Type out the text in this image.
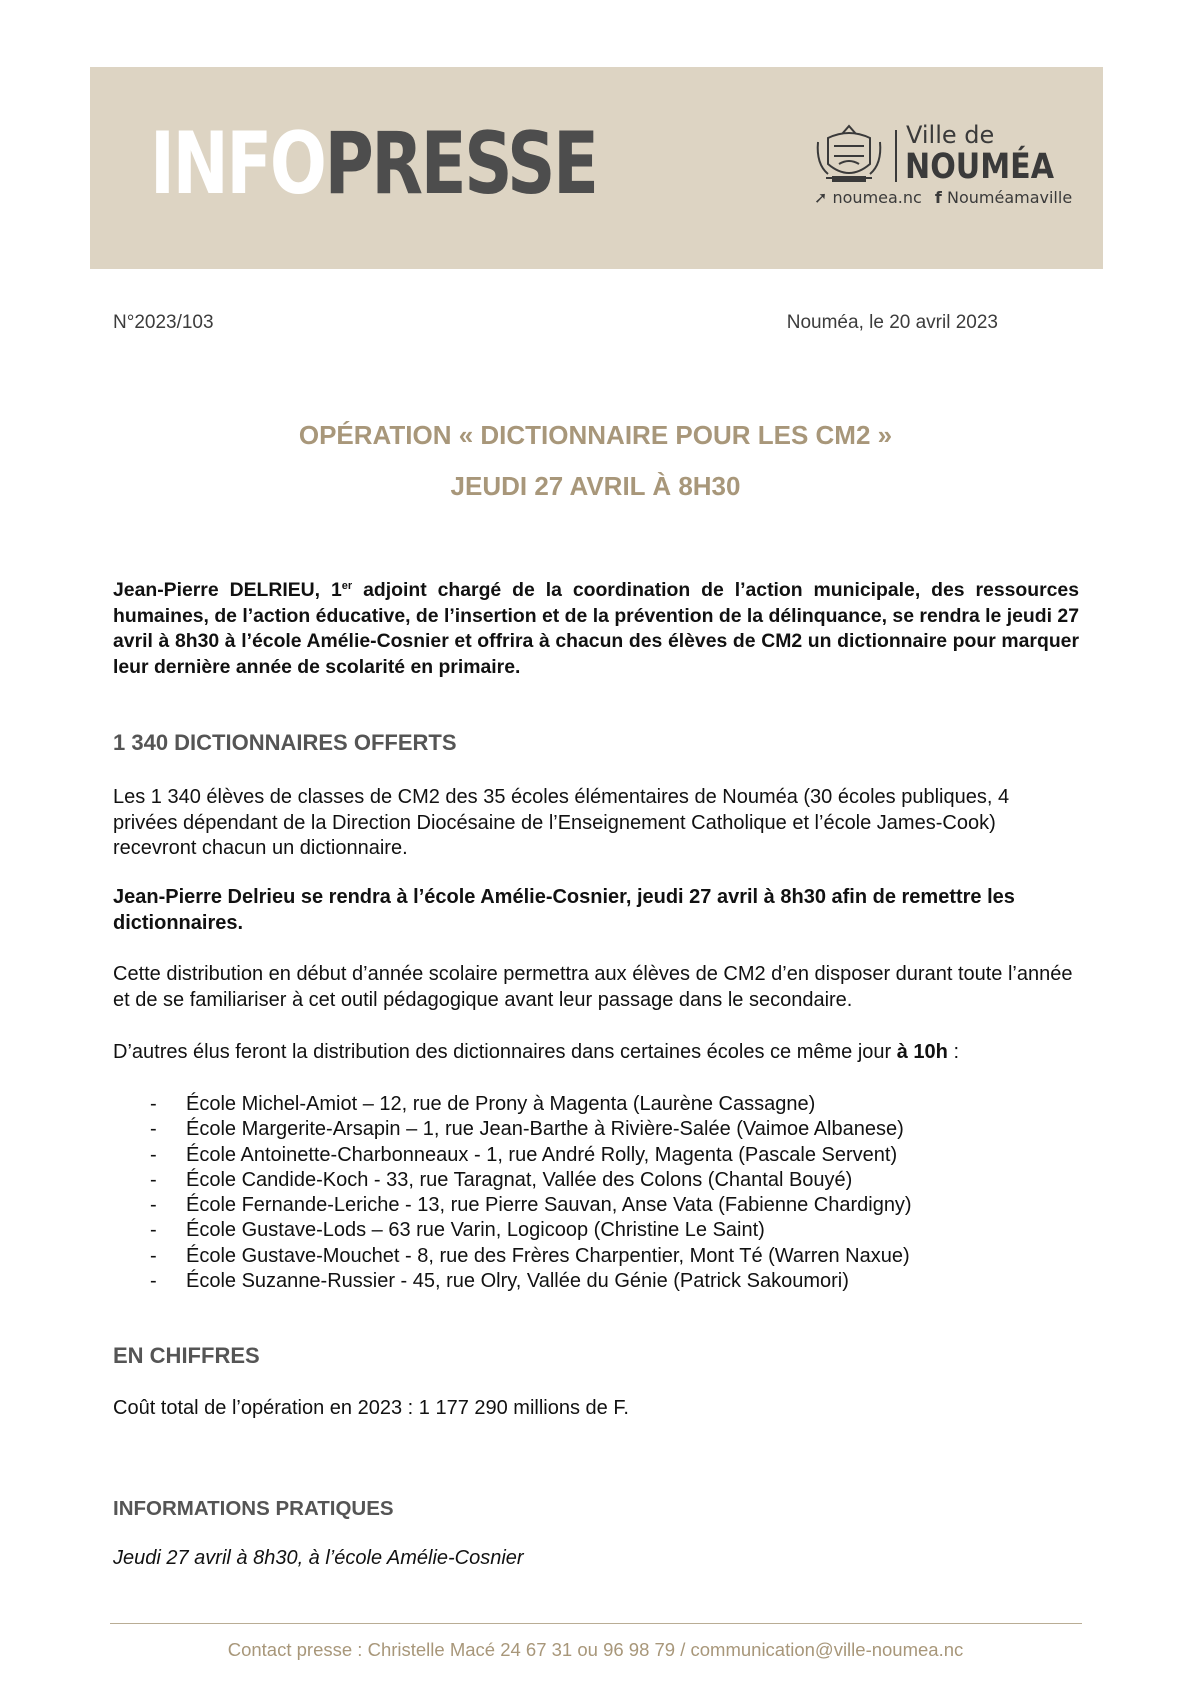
INFOPRESSE	Ville de
NOUMÉA
➚ noumea.nc f Nouméamaville
N°2023/103	Nouméa, le 20 avril 2023
OPÉRATION « DICTIONNAIRE POUR LES CM2 »
JEUDI 27 AVRIL À 8H30

Jean-Pierre DELRIEU, 1er adjoint chargé de la coordination de l’action municipale, des ressources humaines, de l’action éducative, de l’insertion et de la prévention de la délinquance, se rendra le jeudi 27 avril à 8h30 à l’école Amélie-Cosnier et offrira à chacun des élèves de CM2 un dictionnaire pour marquer leur dernière année de scolarité en primaire.

1 340 DICTIONNAIRES OFFERTS

Les 1 340 élèves de classes de CM2 des 35 écoles élémentaires de Nouméa (30 écoles publiques, 4 privées dépendant de la Direction Diocésaine de l’Enseignement Catholique et l’école James-Cook) recevront chacun un dictionnaire.

Jean-Pierre Delrieu se rendra à l’école Amélie-Cosnier, jeudi 27 avril à 8h30 afin de remettre les dictionnaires.

Cette distribution en début d’année scolaire permettra aux élèves de CM2 d’en disposer durant toute l’année et de se familiariser à cet outil pédagogique avant leur passage dans le secondaire.

D’autres élus feront la distribution des dictionnaires dans certaines écoles ce même jour à 10h :

- École Michel-Amiot – 12, rue de Prony à Magenta (Laurène Cassagne)
- École Margerite-Arsapin – 1, rue Jean-Barthe à Rivière-Salée (Vaimoe Albanese)
- École Antoinette-Charbonneaux - 1, rue André Rolly, Magenta (Pascale Servent)
- École Candide-Koch - 33, rue Taragnat, Vallée des Colons (Chantal Bouyé)
- École Fernande-Leriche - 13, rue Pierre Sauvan, Anse Vata (Fabienne Chardigny)
- École Gustave-Lods – 63 rue Varin, Logicoop (Christine Le Saint)
- École Gustave-Mouchet - 8, rue des Frères Charpentier, Mont Té (Warren Naxue)
- École Suzanne-Russier - 45, rue Olry, Vallée du Génie (Patrick Sakoumori)
EN CHIFFRES

Coût total de l’opération en 2023 : 1 177 290 millions de F.

INFORMATIONS PRATIQUES

Jeudi 27 avril à 8h30, à l’école Amélie-Cosnier

Contact presse : Christelle Macé 24 67 31 ou 96 98 79 / communication@ville-noumea.nc
